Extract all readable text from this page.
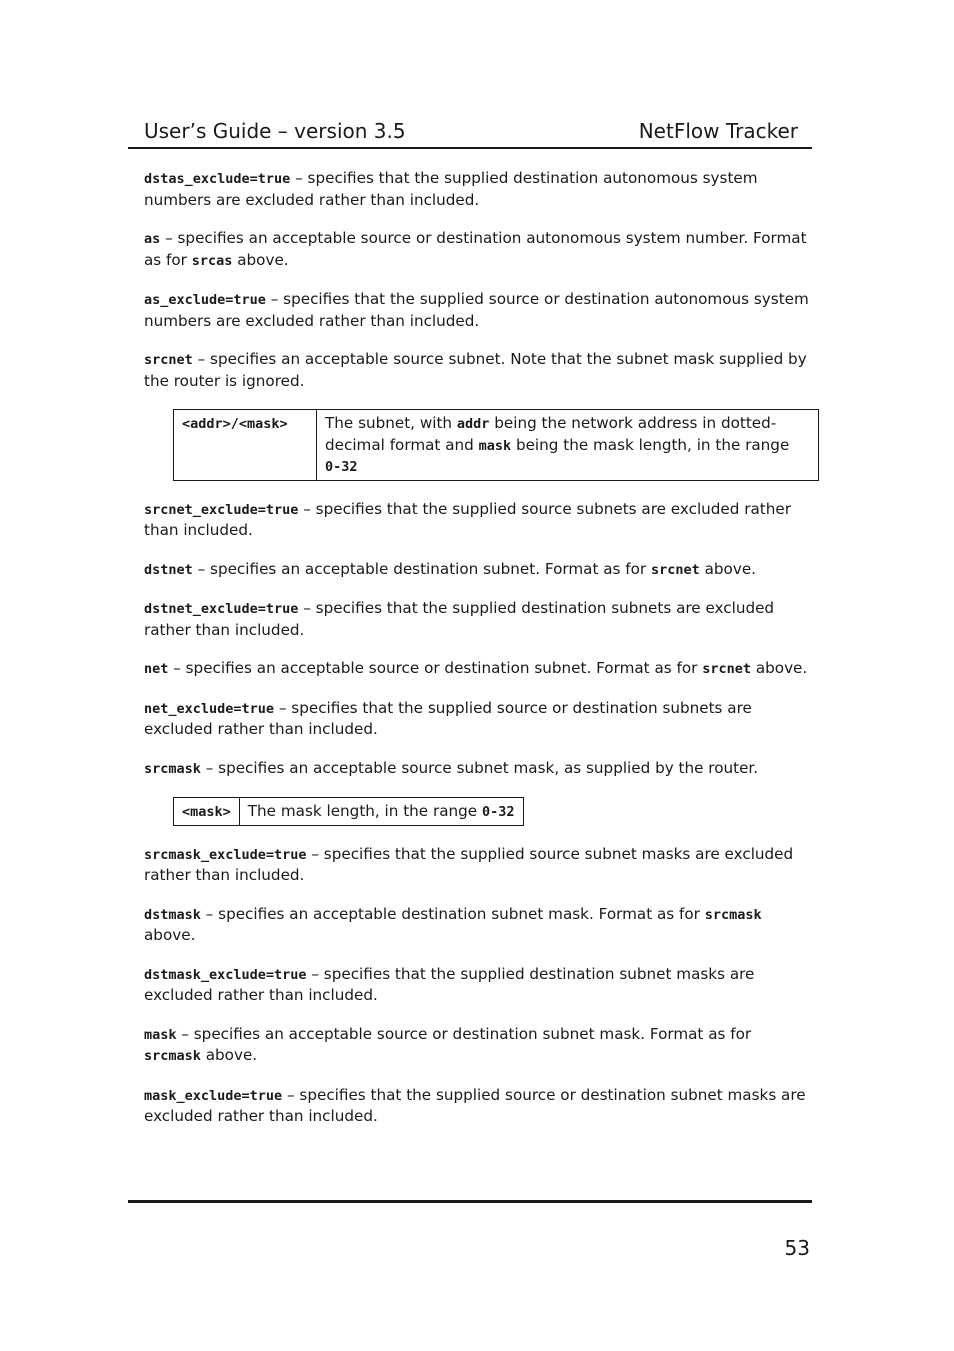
User’s Guide – version 3.5	NetFlow Tracker

dstas_exclude=true – specifies that the supplied destination autonomous system numbers are excluded rather than included.

as – specifies an acceptable source or destination autonomous system number. Format as for srcas above.

as_exclude=true – specifies that the supplied source or destination autonomous system numbers are excluded rather than included.

srcnet – specifies an acceptable source subnet. Note that the subnet mask supplied by the router is ignored.

<addr>/<mask>	The subnet, with addr being the network address in dotted-decimal format and mask being the mask length, in the range 0-32

srcnet_exclude=true – specifies that the supplied source subnets are excluded rather than included.

dstnet – specifies an acceptable destination subnet. Format as for srcnet above.

dstnet_exclude=true – specifies that the supplied destination subnets are excluded rather than included.

net – specifies an acceptable source or destination subnet. Format as for srcnet above.

net_exclude=true – specifies that the supplied source or destination subnets are excluded rather than included.

srcmask – specifies an acceptable source subnet mask, as supplied by the router.

<mask>	The mask length, in the range 0-32

srcmask_exclude=true – specifies that the supplied source subnet masks are excluded rather than included.

dstmask – specifies an acceptable destination subnet mask. Format as for srcmask above.

dstmask_exclude=true – specifies that the supplied destination subnet masks are excluded rather than included.

mask – specifies an acceptable source or destination subnet mask. Format as for srcmask above.

mask_exclude=true – specifies that the supplied source or destination subnet masks are excluded rather than included.

53
